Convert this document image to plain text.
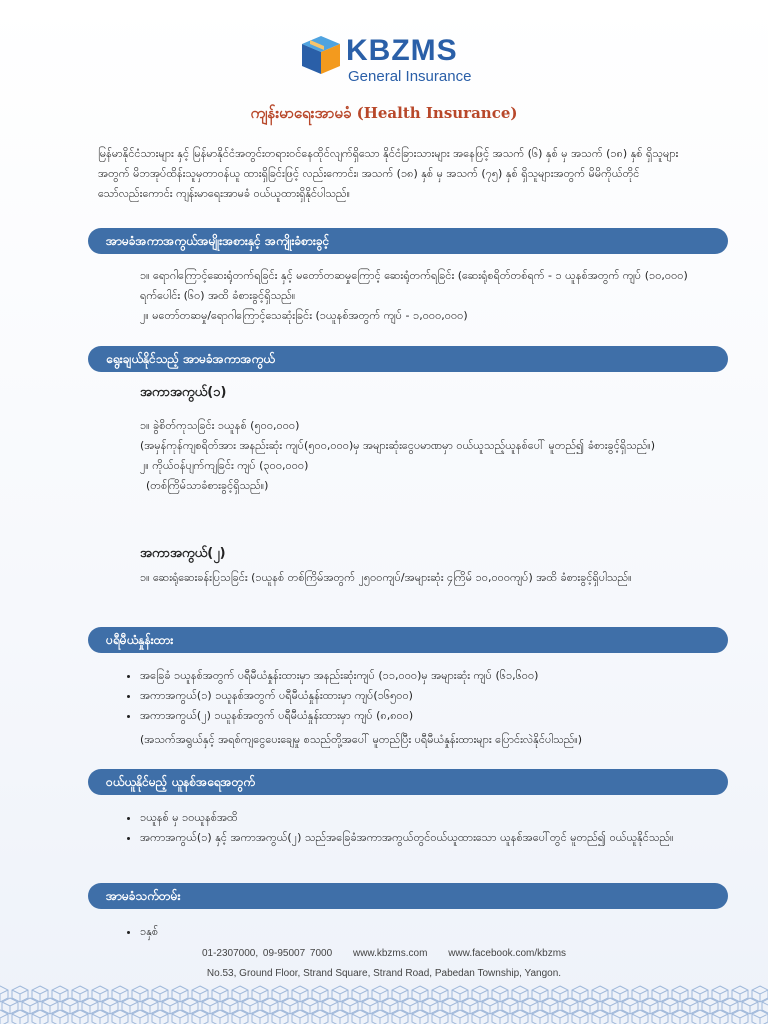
KBZMS
General Insurance
ကျန်းမာရေးအာမခံ (Health Insurance)
မြန်မာနိုင်ငံသားများ နှင့် မြန်မာနိုင်ငံအတွင်းတရားဝင်နေထိုင်လျက်ရှိသော နိုင်ငံခြားသားများ အနေဖြင့် အသက် (၆) နှစ် မှ အသက် (၁၈) နှစ် ရှိသူများအတွက် မိဘအုပ်ထိန်းသူမှတာဝန်ယူ ထားရှိခြင်းဖြင့် လည်းကောင်း၊ အသက် (၁၈) နှစ် မှ အသက် (၇၅) နှစ် ရှိသူများအတွက် မိမိကိုယ်တိုင်သော်လည်းကောင်း ကျန်းမာရေးအာမခံ ဝယ်ယူထားရှိနိုင်ပါသည်။
အာမခံအကာအကွယ်အမျိုးအစားနှင့် အကျိုးခံစားခွင့်
၁။ ရောဂါကြောင့်ဆေးရုံတက်ရခြင်း နှင့် မတော်တဆမှုကြောင့် ဆေးရုံတက်ရခြင်း (ဆေးရုံစရိတ်တစ်ရက် - ၁ ယူနစ်အတွက် ကျပ် (၁၀,၀၀၀) ရက်ပေါင်း (၆၀) အထိ ခံစားခွင့်ရှိသည်။
၂။ မတော်တဆမှု/ရောဂါကြောင့်သေဆုံးခြင်း (၁ယူနစ်အတွက် ကျပ် - ၁,၀၀၀,၀၀၀)
ရွေးချယ်နိုင်သည့် အာမခံအကာအကွယ်
အကာအကွယ်(၁)
၁။ ခွဲစိတ်ကုသခြင်း ၁ယူနစ် (၅၀၀,၀၀၀)
(အမှန်ကုန်ကျစရိတ်အား အနည်းဆုံး ကျပ်(၅၀၀,၀၀၀)မှ အများဆုံးငွေပမာဏမှာ ဝယ်ယူသည့်ယူနစ်ပေါ် မူတည်၍ ခံစားခွင့်ရှိသည်။)
၂။ ကိုယ်ဝန်ပျက်ကျခြင်း ကျပ် (၃၀၀,၀၀၀)
(တစ်ကြိမ်သာခံစားခွင့်ရှိသည်။)
အကာအကွယ်(၂)
၁။ ဆေးရုံဆေးခန်းပြသခြင်း (၁ယူနစ် တစ်ကြိမ်အတွက် ၂၅၀၀ကျပ်/အများဆုံး ၄ကြိမ် ၁၀,၀၀၀ကျပ်) အထိ ခံစားခွင့်ရှိပါသည်။
ပရီမီယံနှုန်းထား
• အခြေခံ ၁ယူနစ်အတွက် ပရီမီယံနှုန်းထားမှာ အနည်းဆုံးကျပ် (၁၁,၀၀၀)မှ အများဆုံး ကျပ် (၆၁,၆၀၀)
• အကာအကွယ်(၁) ၁ယူနစ်အတွက် ပရီမီယံနှုန်းထားမှာ ကျပ်(၁၆၅၀၀)
• အကာအကွယ်(၂) ၁ယူနစ်အတွက် ပရီမီယံနှုန်းထားမှာ ကျပ် (၈,၈၀၀)
(အသက်အရွယ်နှင့် အရစ်ကျငွေပေးချေမှု စသည်တို့အပေါ် မူတည်ပြီး ပရီမီယံနှုန်းထားများ ပြောင်းလဲနိုင်ပါသည်။)
ဝယ်ယူနိုင်မည့် ယူနစ်အရေအတွက်
• ၁ယူနစ် မှ ၁၀ယူနစ်အထိ
• အကာအကွယ်(၁) နှင့် အကာအကွယ်(၂) သည်အခြေခံအကာအကွယ်တွင်ဝယ်ယူထားသော ယူနစ်အပေါ်တွင် မူတည်၍ ဝယ်ယူနိုင်သည်။
အာမခံသက်တမ်း
• ၁နှစ်
01-2307000, 09-95007 7000 www.kbzms.com www.facebook.com/kbzms
No.53, Ground Floor, Strand Square, Strand Road, Pabedan Township, Yangon.
